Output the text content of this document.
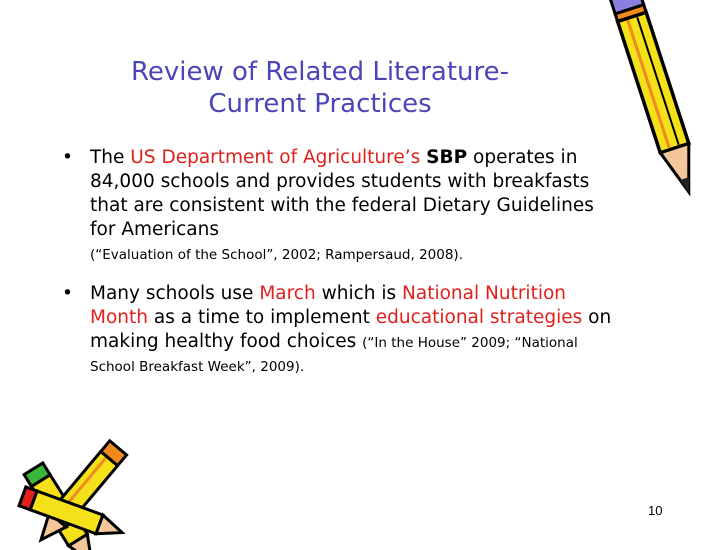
Review of Related Literature-
Current Practices
• The US Department of Agriculture’s SBP operates in 84,000 schools and provides students with breakfasts that are consistent with the federal Dietary Guidelines for Americans
(“Evaluation of the School”, 2002; Rampersaud, 2008).
• Many schools use March which is National Nutrition Month as a time to implement educational strategies on making healthy food choices (“In the House” 2009; “National School Breakfast Week”, 2009).
10
